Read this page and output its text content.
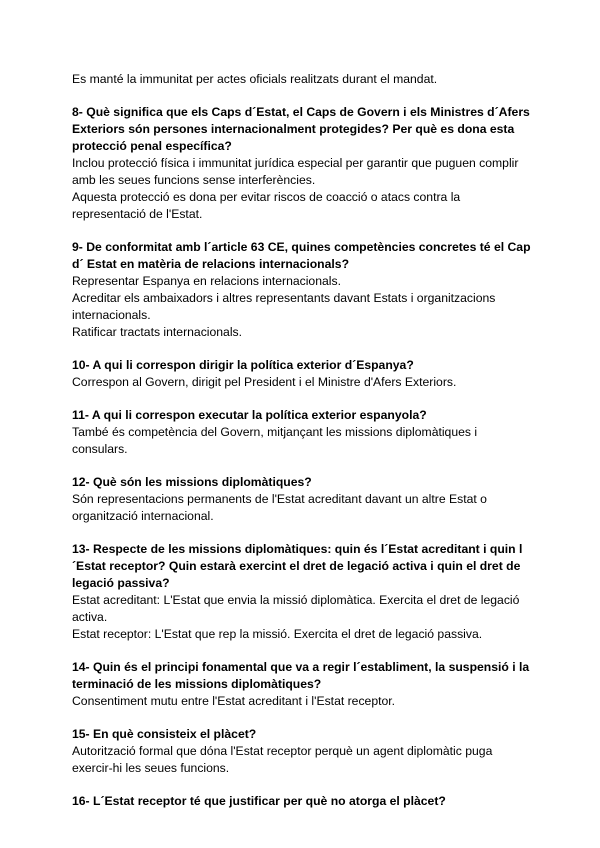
Es manté la immunitat per actes oficials realitzats durant el mandat.

8- Què significa que els Caps d´Estat, el Caps de Govern i els Ministres d´Afers Exteriors són persones internacionalment protegides? Per què es dona esta protecció penal específica?

Inclou protecció física i immunitat jurídica especial per garantir que puguen complir amb les seues funcions sense interferències.

Aquesta protecció es dona per evitar riscos de coacció o atacs contra la representació de l'Estat.

9- De conformitat amb l´article 63 CE, quines competències concretes té el Cap d´ Estat en matèria de relacions internacionals?

Representar Espanya en relacions internacionals.

Acreditar els ambaixadors i altres representants davant Estats i organitzacions internacionals.

Ratificar tractats internacionals.

10- A qui li correspon dirigir la política exterior d´Espanya?

Correspon al Govern, dirigit pel President i el Ministre d'Afers Exteriors.

11- A qui li correspon executar la política exterior espanyola?

També és competència del Govern, mitjançant les missions diplomàtiques i consulars.

12- Què són les missions diplomàtiques?

Són representacions permanents de l'Estat acreditant davant un altre Estat o organització internacional.

13- Respecte de les missions diplomàtiques: quin és l´Estat acreditant i quin l´Estat receptor? Quin estarà exercint el dret de legació activa i quin el dret de legació passiva?

Estat acreditant: L'Estat que envia la missió diplomàtica. Exercita el dret de legació activa.

Estat receptor: L'Estat que rep la missió. Exercita el dret de legació passiva.

14- Quin és el principi fonamental que va a regir l´establiment, la suspensió i la terminació de les missions diplomàtiques?

Consentiment mutu entre l'Estat acreditant i l'Estat receptor.

15- En què consisteix el plàcet?

Autorització formal que dóna l'Estat receptor perquè un agent diplomàtic puga exercir-hi les seues funcions.

16- L´Estat receptor té que justificar per què no atorga el plàcet?
